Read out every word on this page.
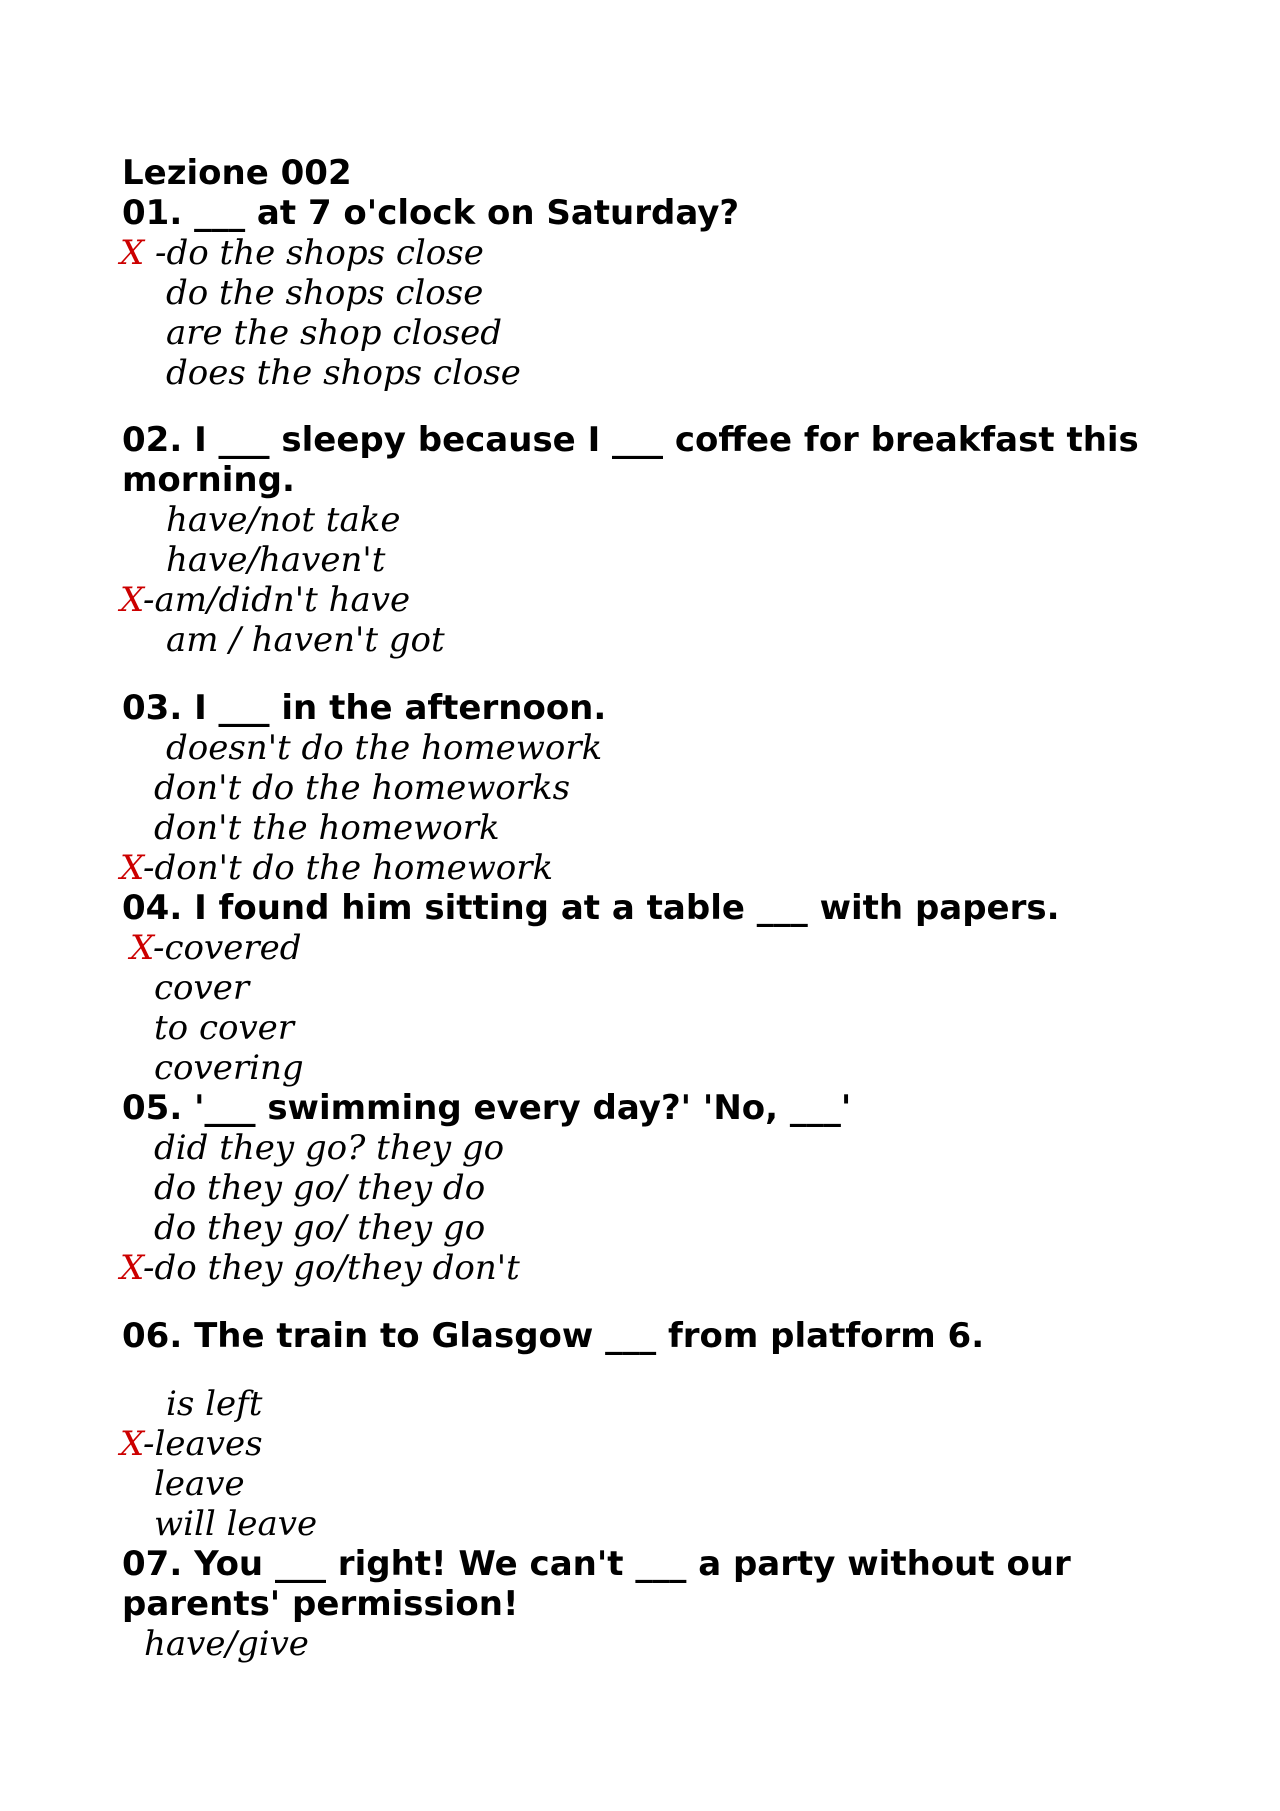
Lezione 002
01. ___ at 7 o'clock on Saturday?
X -do the shops close
do the shops close
are the shop closed
does the shops close
02. I ___ sleepy because I ___ coffee for breakfast this
morning.
have/not take
have/haven't
X-am/didn't have
am / haven't got
03. I ___ in the afternoon.
doesn't do the homework
don't do the homeworks
don't the homework
X-don't do the homework
04. I found him sitting at a table ___ with papers.
X-covered
cover
to cover
covering
05. '___ swimming every day?' 'No, ___'
did they go? they go
do they go/ they do
do they go/ they go
X-do they go/they don't
06. The train to Glasgow ___ from platform 6.
is left
X-leaves
leave
will leave
07. You ___ right! We can't ___ a party without our
parents' permission!
have/give
